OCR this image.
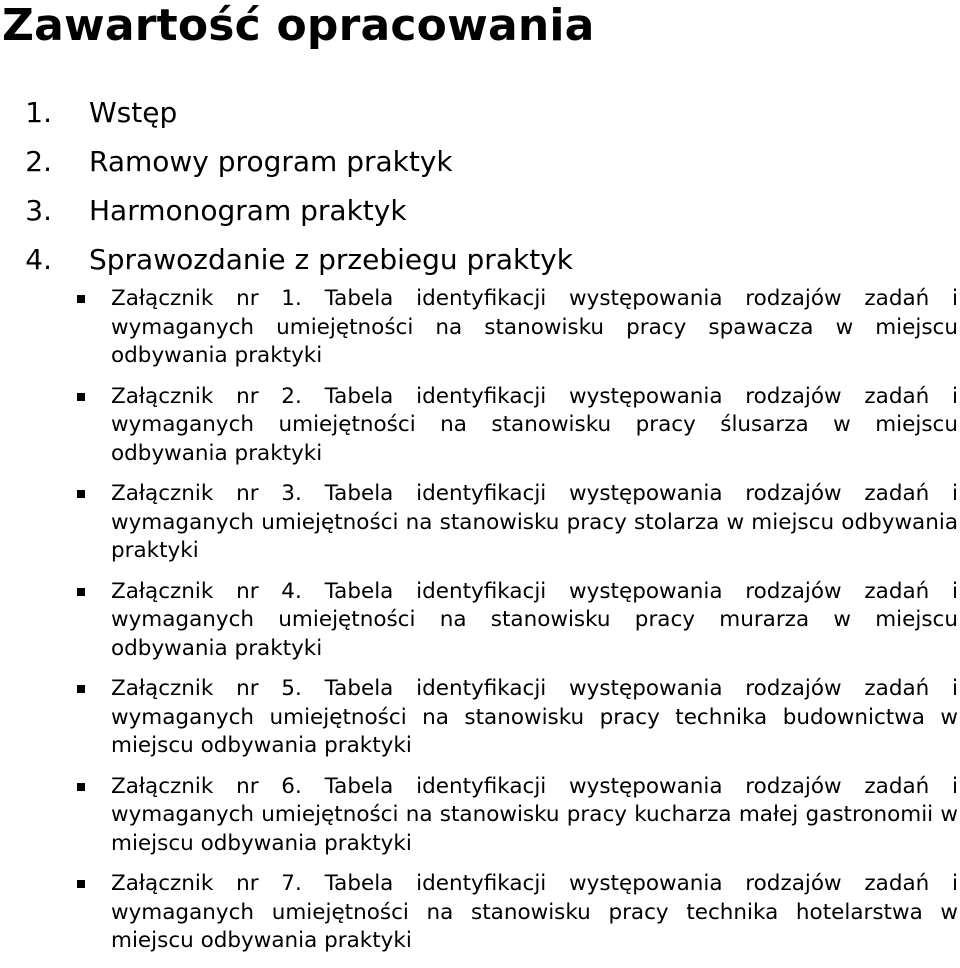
Zawartość opracowania
1. Wstęp
2. Ramowy program praktyk
3. Harmonogram praktyk
4. Sprawozdanie z przebiegu praktyk
Załącznik nr 1. Tabela identyfikacji występowania rodzajów zadań i wymaganych umiejętności na stanowisku pracy spawacza w miejscu odbywania praktyki
Załącznik nr 2. Tabela identyfikacji występowania rodzajów zadań i wymaganych umiejętności na stanowisku pracy ślusarza w miejscu odbywania praktyki
Załącznik nr 3. Tabela identyfikacji występowania rodzajów zadań i wymaganych umiejętności na stanowisku pracy stolarza w miejscu odbywania praktyki
Załącznik nr 4. Tabela identyfikacji występowania rodzajów zadań i wymaganych umiejętności na stanowisku pracy murarza w miejscu odbywania praktyki
Załącznik nr 5. Tabela identyfikacji występowania rodzajów zadań i wymaganych umiejętności na stanowisku pracy technika budownictwa w miejscu odbywania praktyki
Załącznik nr 6. Tabela identyfikacji występowania rodzajów zadań i wymaganych umiejętności na stanowisku pracy kucharza małej gastronomii w miejscu odbywania praktyki
Załącznik nr 7. Tabela identyfikacji występowania rodzajów zadań i wymaganych umiejętności na stanowisku pracy technika hotelarstwa w miejscu odbywania praktyki
